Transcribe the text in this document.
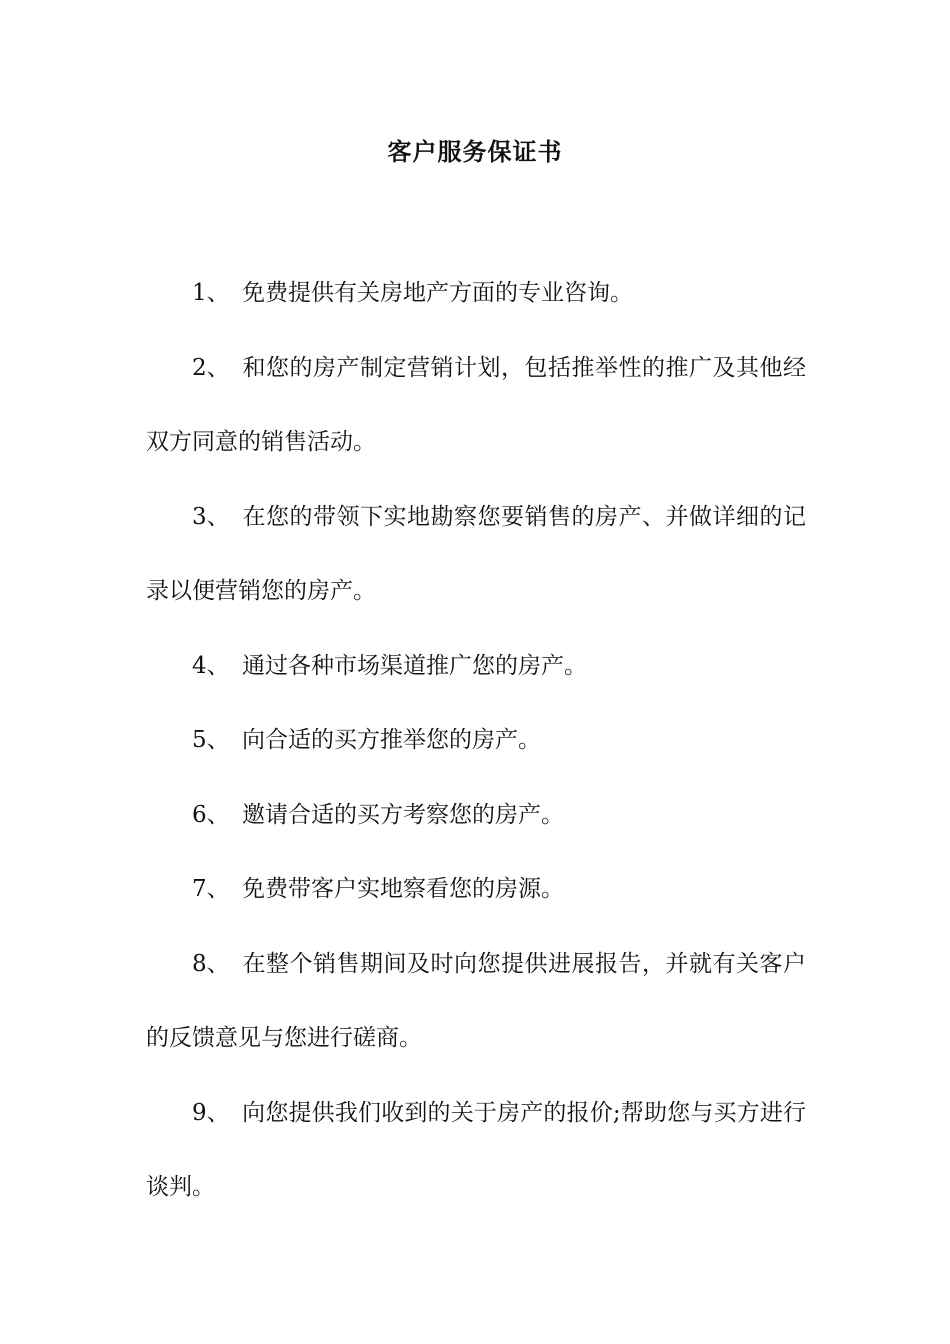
客户服务保证书

1、 免费提供有关房地产方面的专业咨询。

2、 和您的房产制定营销计划，包括推举性的推广及其他经双方同意的销售活动。

3、 在您的带领下实地勘察您要销售的房产、并做详细的记录以便营销您的房产。

4、 通过各种市场渠道推广您的房产。

5、 向合适的买方推举您的房产。

6、 邀请合适的买方考察您的房产。

7、 免费带客户实地察看您的房源。

8、 在整个销售期间及时向您提供进展报告，并就有关客户的反馈意见与您进行磋商。

9、 向您提供我们收到的关于房产的报价;帮助您与买方进行谈判。
